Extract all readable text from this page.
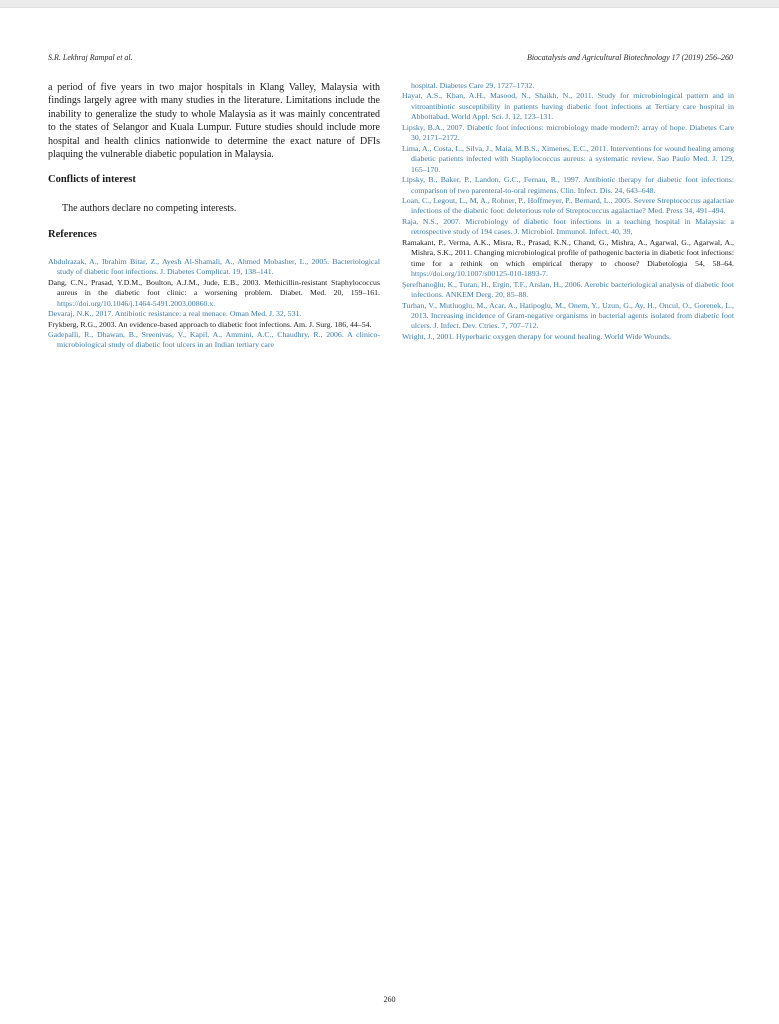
S.R. Lekhraj Rampal et al.	Biocatalysis and Agricultural Biotechnology 17 (2019) 256–260

a period of five years in two major hospitals in Klang Valley, Malaysia with findings largely agree with many studies in the literature. Limitations include the inability to generalize the study to whole Malaysia as it was mainly concentrated to the states of Selangor and Kuala Lumpur. Future studies should include more hospital and health clinics nationwide to determine the exact nature of DFIs plaquing the vulnerable diabetic population in Malaysia.

Conflicts of interest

The authors declare no competing interests.

References

Abdulrazak, A., Ibrahim Bitar, Z., Ayesh Al-Shamali, A., Ahmed Mobasher, L., 2005. Bacteriological study of diabetic foot infections. J. Diabetes Complicat. 19, 138–141.

Dang, C.N., Prasad, Y.D.M., Boulton, A.J.M., Jude, E.B., 2003. Methicillin-resistant Staphylococcus aureus in the diabetic foot clinic: a worsening problem. Diabet. Med. 20, 159–161. https://doi.org/10.1046/j.1464-5491.2003.00860.x.

Devaraj, N.K., 2017. Antibiotic resistance: a real menace. Oman Med. J. 32, 531.

Frykberg, R.G., 2003. An evidence-based approach to diabetic foot infections. Am. J. Surg. 186, 44–54.

Gadepalli, R., Dhawan, B., Sreenivas, V., Kapil, A., Ammini, A.C., Chaudhry, R., 2006. A clinico-microbiological study of diabetic foot ulcers in an Indian tertiary care

hospital. Diabetes Care 29, 1727–1732.

Hayat, A.S., Khan, A.H., Masood, N., Shaikh, N., 2011. Study for microbiological pattern and in vitroantibiotic susceptibility in patients having diabetic foot infections at Tertiary care hospital in Abbottabad. World Appl. Sci. J. 12, 123–131.

Lipsky, B.A., 2007. Diabetic foot infections: microbiology made modern?: array of hope. Diabetes Care 30, 2171–2172.

Lima, A., Costa, L., Silva, J., Maia, M.B.S., Ximenes, E.C., 2011. Interventions for wound healing among diabetic patients infected with Staphylococcus aureus: a systematic review. Sao Paulo Med. J. 129, 165–170.

Lipsky, B., Baker, P., Landon, G.C., Fernau, R., 1997. Antibiotic therapy for diabetic foot infections: comparison of two parenteral-to-oral regimens. Clin. Infect. Dis. 24, 643–648.

Loan, C., Legout, L., M, A., Rohner, P., Hoffmeyer, P., Bernard, L., 2005. Severe Streptococcus agalactiae infections of the diabetic foot: deleterious role of Streptococcus agalactiae? Med. Press 34, 491–494.

Raja, N.S., 2007. Microbiology of diabetic foot infections in a teaching hospital in Malaysia: a retrospective study of 194 cases. J. Microbiol. Immunol. Infect. 40, 39,

Ramakant, P., Verma, A.K., Misra, R., Prasad, K.N., Chand, G., Mishra, A., Agarwal, G., Agarwal, A., Mishra, S.K., 2011. Changing microbiological profile of pathogenic bacteria in diabetic foot infections: time for a rethink on which empirical therapy to choose? Diabetologia 54, 58–64. https://doi.org/10.1007/s00125-010-1893-7.

Şerefhanoğlu, K., Turan, H., Ergin, T.F., Arslan, H., 2006. Aerobic bacteriological analysis of diabetic foot infections. ANKEM Derg. 20, 85–88.

Turhan, V., Mutluoglu, M., Acar, A., Hatipoglu, M., Onem, Y., Uzun, G., Ay, H., Oncul, O., Gorenek, L., 2013. Increasing incidence of Gram-negative organisms in bacterial agents isolated from diabetic foot ulcers. J. Infect. Dev. Ctries. 7, 707–712.

Wright, J., 2001. Hyperbaric oxygen therapy for wound healing. World Wide Wounds.

260
